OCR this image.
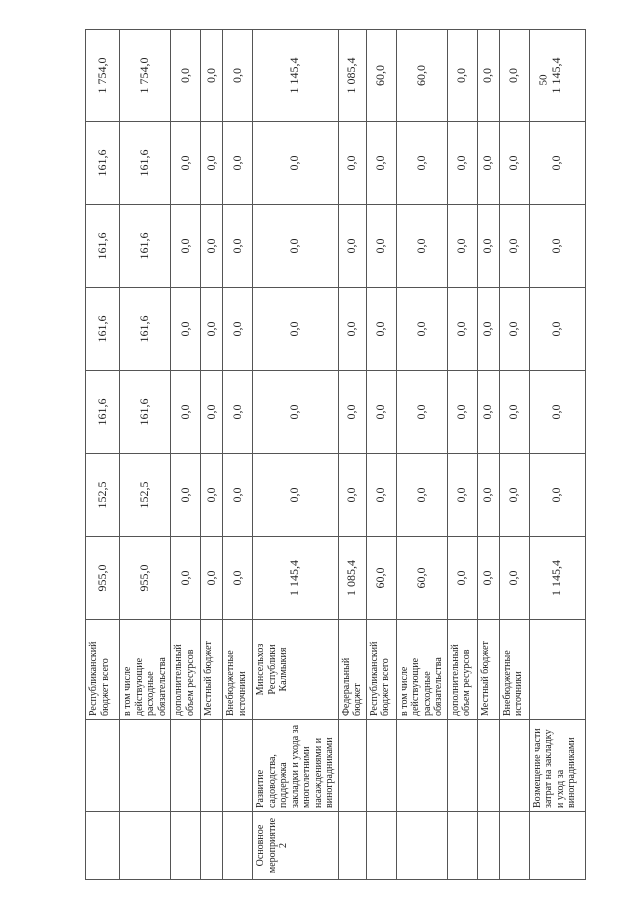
50
		Республиканский бюджет всего	955,0	152,5	161,6	161,6	161,6	161,6	1 754,0
		в том числе действующие расходные обязательства	955,0	152,5	161,6	161,6	161,6	161,6	1 754,0
		дополнительный объем ресурсов	0,0	0,0	0,0	0,0	0,0	0,0	0,0
		Местный бюджет	0,0	0,0	0,0	0,0	0,0	0,0	0,0
		Внебюджетные источники	0,0	0,0	0,0	0,0	0,0	0,0	0,0
Основное мероприятие 2	Развитие садоводства, поддержка закладки и ухода за многолетними насаждениями и виноградниками	Минсельхоз Республики Калмыкия	1 145,4	0,0	0,0	0,0	0,0	0,0	1 145,4
		Федеральный бюджет	1 085,4	0,0	0,0	0,0	0,0	0,0	1 085,4
		Республиканский бюджет всего	60,0	0,0	0,0	0,0	0,0	0,0	60,0
		в том числе действующие расходные обязательства	60,0	0,0	0,0	0,0	0,0	0,0	60,0
		дополнительный объем ресурсов	0,0	0,0	0,0	0,0	0,0	0,0	0,0
		Местный бюджет	0,0	0,0	0,0	0,0	0,0	0,0	0,0
		Внебюджетные источники	0,0	0,0	0,0	0,0	0,0	0,0	0,0
	Возмещение части затрат на закладку и уход за виноградниками		1 145,4	0,0	0,0	0,0	0,0	0,0	1 145,4
